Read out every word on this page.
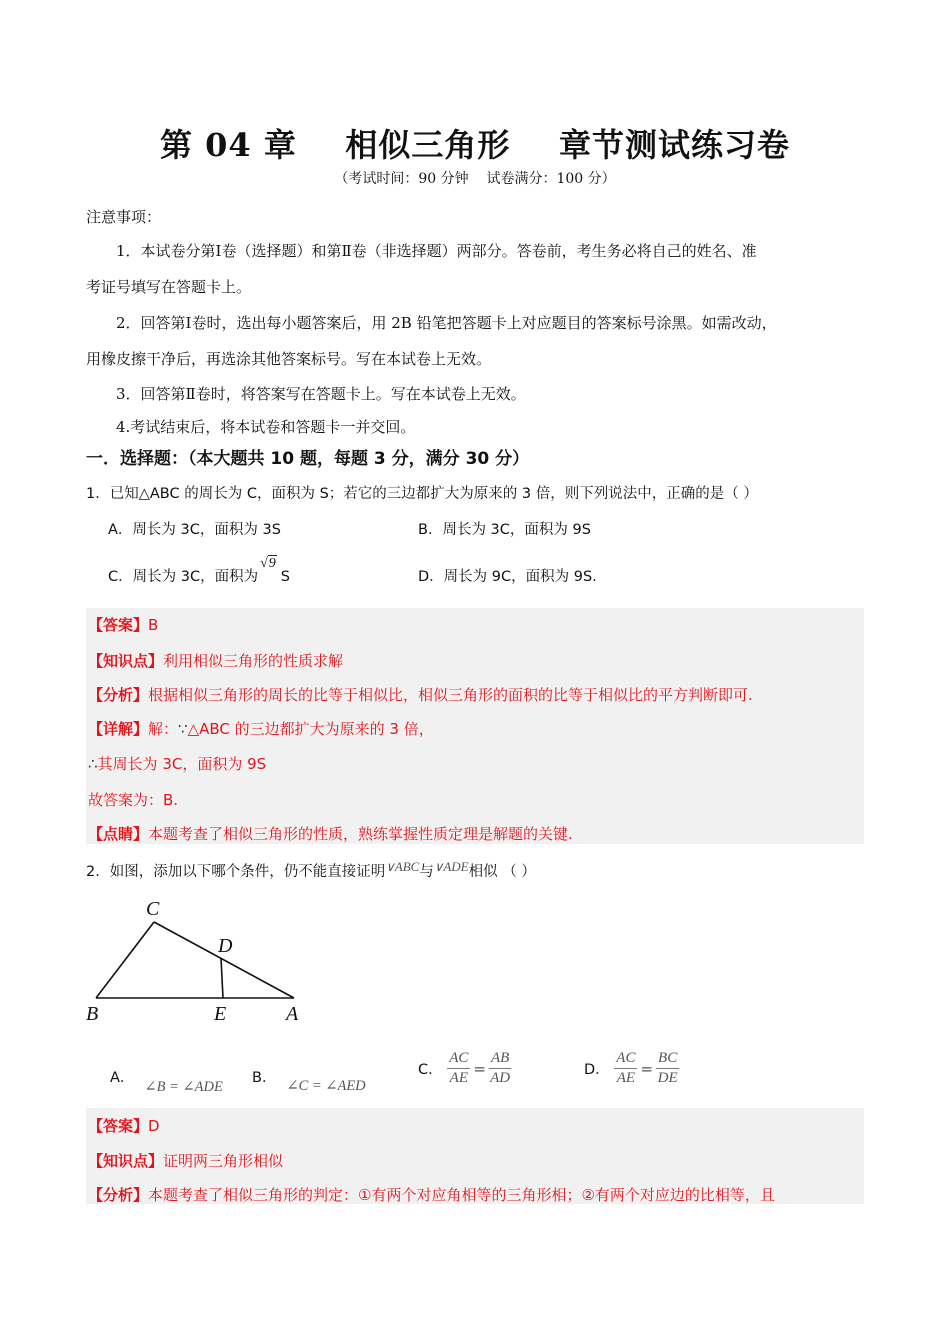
第 04 章    相似三角形    章节测试练习卷
（考试时间：90 分钟    试卷满分：100 分）
注意事项：
1．本试卷分第Ⅰ卷（选择题）和第Ⅱ卷（非选择题）两部分。答卷前，考生务必将自己的姓名、准
考证号填写在答题卡上。
2．回答第Ⅰ卷时，选出每小题答案后，用 2B 铅笔把答题卡上对应题目的答案标号涂黑。如需改动，
用橡皮擦干净后，再选涂其他答案标号。写在本试卷上无效。
3．回答第Ⅱ卷时，将答案写在答题卡上。写在本试卷上无效。
4.考试结束后，将本试卷和答题卡一并交回。
一．选择题：（本大题共 10 题，每题 3 分，满分 30 分）
1．已知△ABC 的周长为 C，面积为 S；若它的三边都扩大为原来的 3 倍，则下列说法中，正确的是（ ）
A．周长为 3C，面积为 3S	B．周长为 3C，面积为 9S
C．周长为 3C，面积为√9S	D．周长为 9C，面积为 9S.
【答案】B
【知识点】利用相似三角形的性质求解
【分析】根据相似三角形的周长的比等于相似比，相似三角形的面积的比等于相似比的平方判断即可.
【详解】解：∵△ABC 的三边都扩大为原来的 3 倍，
∴其周长为 3C，面积为 9S
故答案为：B.
【点睛】本题考查了相似三角形的性质，熟练掌握性质定理是解题的关键.
2．如图，添加以下哪个条件，仍不能直接证明∨ABC与∨ADE相似 （ ）
C
D
B	E	A
A．∠B = ∠ADE
B． ∠C = ∠AED
C． $\frac{AC}{AE} = \frac{AB}{AD}$	D． $\frac{AC}{AE} = \frac{BC}{DE}$
【答案】D
【知识点】证明两三角形相似
【分析】本题考查了相似三角形的判定：①有两个对应角相等的三角形相；②有两个对应边的比相等，且
